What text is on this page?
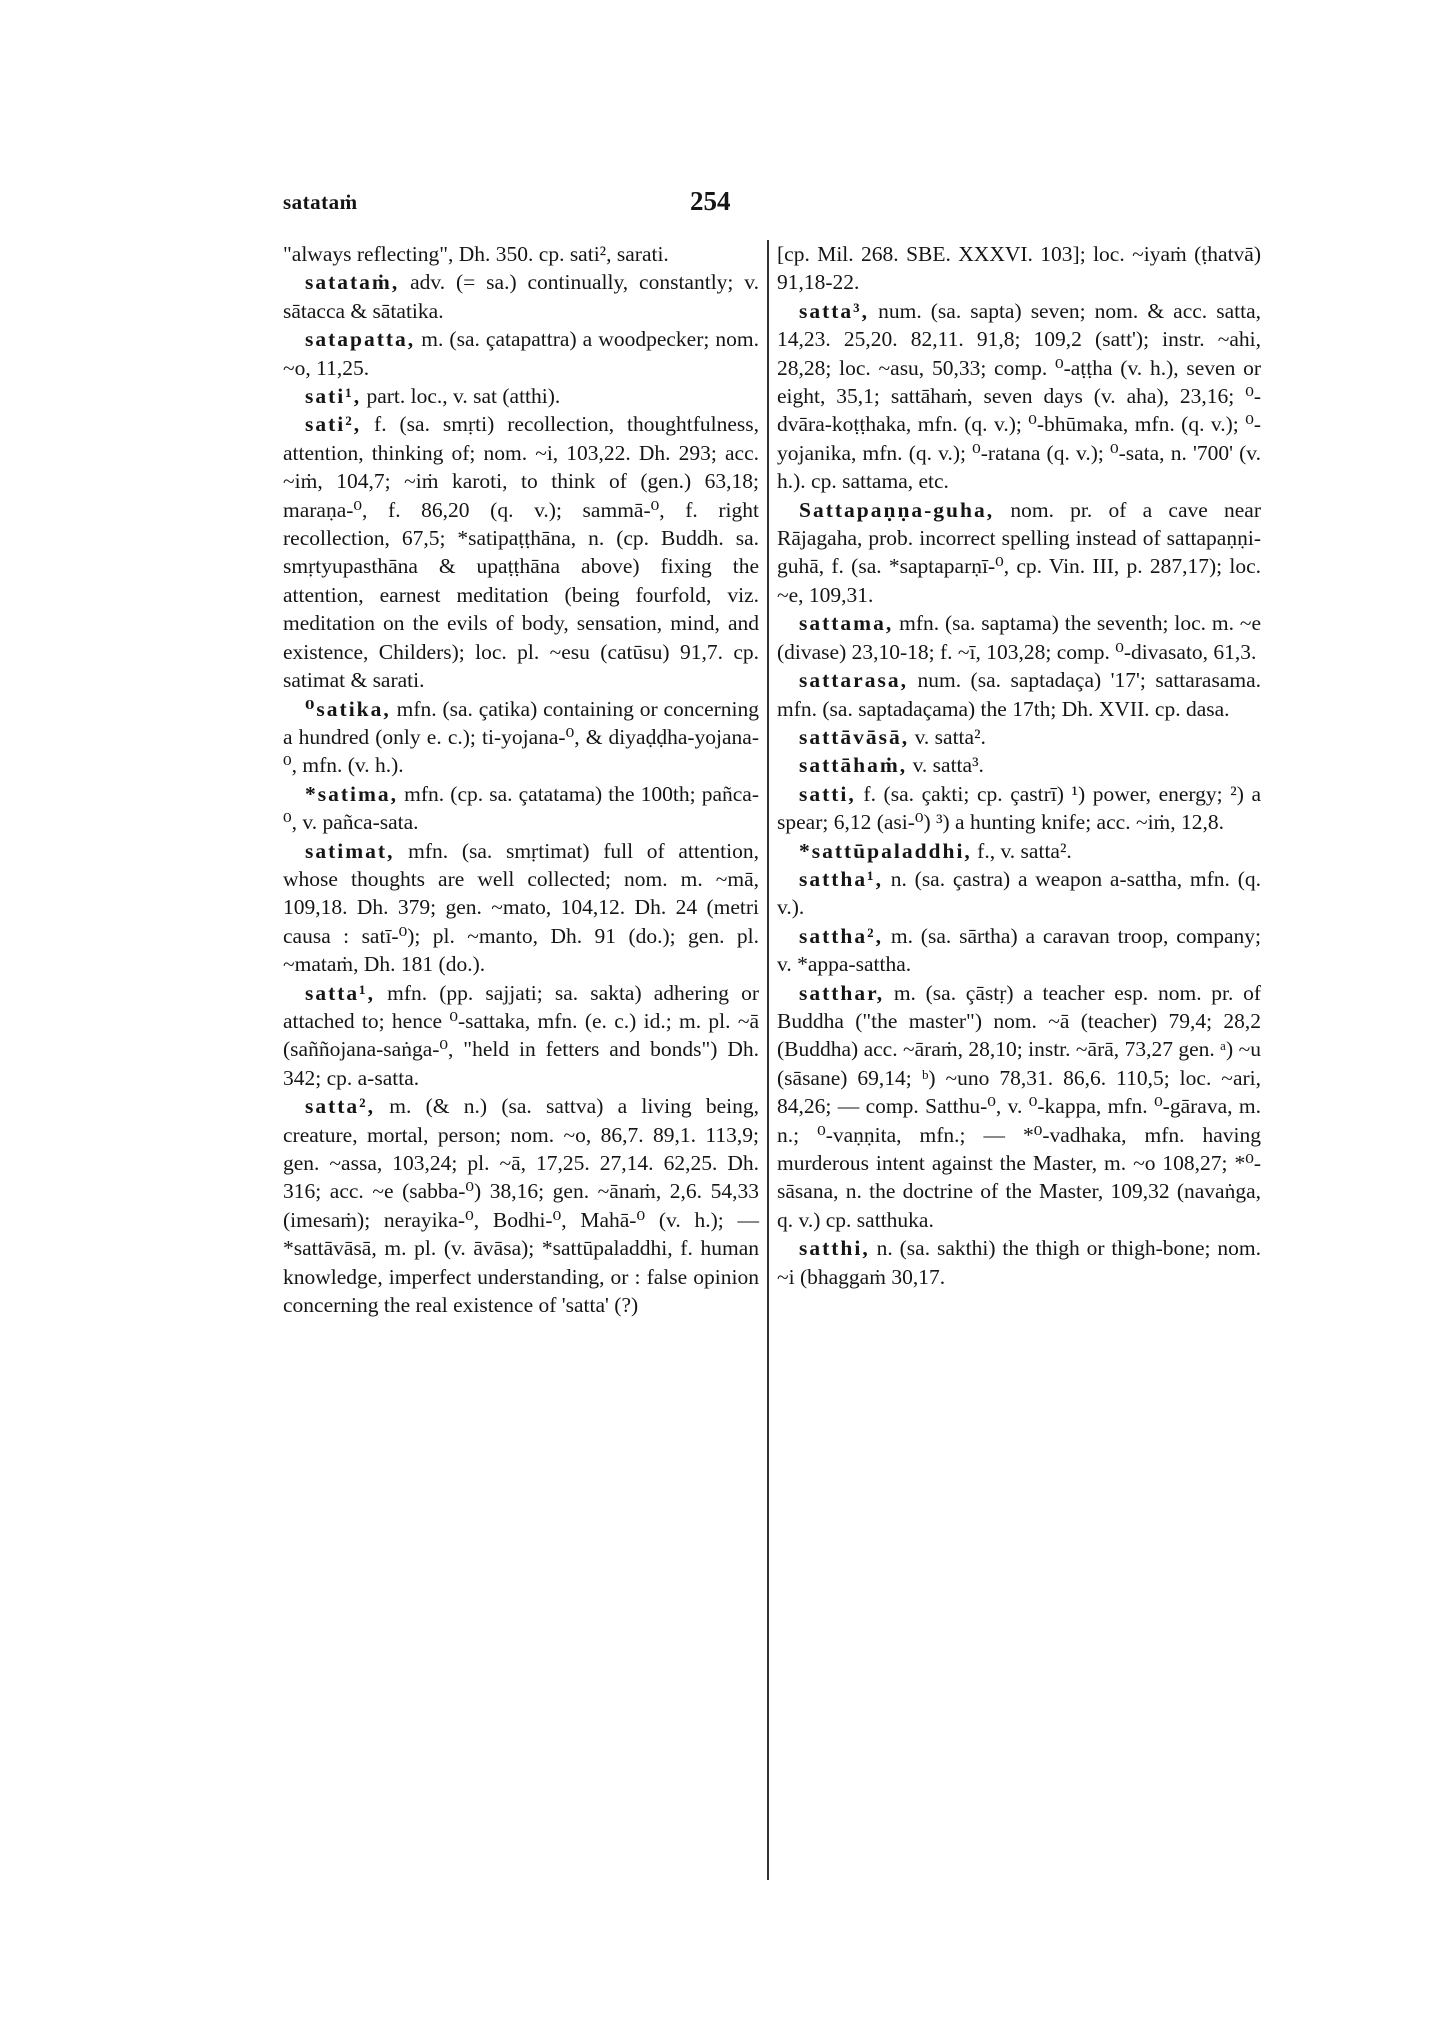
satataṁ	254

"always reflecting", Dh. 350. cp. sati², sarati.

satataṁ, adv. (= sa.) continually, constantly; v. sātacca & sātatika.

satapatta, m. (sa. çatapattra) a woodpecker; nom. ~o, 11,25.

sati¹, part. loc., v. sat (atthi).

sati², f. (sa. smṛti) recollection, thoughtfulness, attention, thinking of; nom. ~i, 103,22. Dh. 293; acc. ~iṁ, 104,7; ~iṁ karoti, to think of (gen.) 63,18; maraṇa-⁰, f. 86,20 (q. v.); sammā-⁰, f. right recollection, 67,5; *satipaṭṭhāna, n. (cp. Buddh. sa. smṛtyupasthāna & upaṭṭhāna above) fixing the attention, earnest meditation (being fourfold, viz. meditation on the evils of body, sensation, mind, and existence, Childers); loc. pl. ~esu (catūsu) 91,7. cp. satimat & sarati.

⁰satika, mfn. (sa. çatika) containing or concerning a hundred (only e. c.); ti-yojana-⁰, & diyaḍḍha-yojana-⁰, mfn. (v. h.).

*satima, mfn. (cp. sa. çatatama) the 100th; pañca-⁰, v. pañca-sata.

satimat, mfn. (sa. smṛtimat) full of attention, whose thoughts are well collected; nom. m. ~mā, 109,18. Dh. 379; gen. ~mato, 104,12. Dh. 24 (metri causa : satī-⁰); pl. ~manto, Dh. 91 (do.); gen. pl. ~mataṁ, Dh. 181 (do.).

satta¹, mfn. (pp. sajjati; sa. sakta) adhering or attached to; hence ⁰-sattaka, mfn. (e. c.) id.; m. pl. ~ā (saññojana-saṅga-⁰, "held in fetters and bonds") Dh. 342; cp. a-satta.

satta², m. (& n.) (sa. sattva) a living being, creature, mortal, person; nom. ~o, 86,7. 89,1. 113,9; gen. ~assa, 103,24; pl. ~ā, 17,25. 27,14. 62,25. Dh. 316; acc. ~e (sabba-⁰) 38,16; gen. ~ānaṁ, 2,6. 54,33 (imesaṁ); nerayika-⁰, Bodhi-⁰, Mahā-⁰ (v. h.); — *sattāvāsā, m. pl. (v. āvāsa); *sattūpaladdhi, f. human knowledge, imperfect understanding, or : false opinion concerning the real existence of 'satta' (?)

[cp. Mil. 268. SBE. XXXVI. 103]; loc. ~iyaṁ (ṭhatvā) 91,18-22.

satta³, num. (sa. sapta) seven; nom. & acc. satta, 14,23. 25,20. 82,11. 91,8; 109,2 (satt'); instr. ~ahi, 28,28; loc. ~asu, 50,33; comp. ⁰-aṭṭha (v. h.), seven or eight, 35,1; sattāhaṁ, seven days (v. aha), 23,16; ⁰-dvāra-koṭṭhaka, mfn. (q. v.); ⁰-bhūmaka, mfn. (q. v.); ⁰-yojanika, mfn. (q. v.); ⁰-ratana (q. v.); ⁰-sata, n. '700' (v. h.). cp. sattama, etc.

Sattapaṇṇa-guha, nom. pr. of a cave near Rājagaha, prob. incorrect spelling instead of sattapaṇṇi-guhā, f. (sa. *saptaparṇī-⁰, cp. Vin. III, p. 287,17); loc. ~e, 109,31.

sattama, mfn. (sa. saptama) the seventh; loc. m. ~e (divase) 23,10-18; f. ~ī, 103,28; comp. ⁰-divasato, 61,3.

sattarasa, num. (sa. saptadaça) '17'; sattarasama. mfn. (sa. saptadaçama) the 17th; Dh. XVII. cp. dasa.

sattāvāsā, v. satta².

sattāhaṁ, v. satta³.

satti, f. (sa. çakti; cp. çastrī) ¹) power, energy; ²) a spear; 6,12 (asi-⁰) ³) a hunting knife; acc. ~iṁ, 12,8.

*sattūpaladdhi, f., v. satta².

sattha¹, n. (sa. çastra) a weapon a-sattha, mfn. (q. v.).

sattha², m. (sa. sārtha) a caravan troop, company; v. *appa-sattha.

satthar, m. (sa. çāstṛ) a teacher esp. nom. pr. of Buddha ("the master") nom. ~ā (teacher) 79,4; 28,2 (Buddha) acc. ~āraṁ, 28,10; instr. ~ārā, 73,27 gen. ᵃ) ~u (sāsane) 69,14; ᵇ) ~uno 78,31. 86,6. 110,5; loc. ~ari, 84,26; — comp. Satthu-⁰, v. ⁰-kappa, mfn. ⁰-gārava, m. n.; ⁰-vaṇṇita, mfn.; — *⁰-vadhaka, mfn. having murderous intent against the Master, m. ~o 108,27; *⁰-sāsana, n. the doctrine of the Master, 109,32 (navaṅga, q. v.) cp. satthuka.

satthi, n. (sa. sakthi) the thigh or thigh-bone; nom. ~i (bhaggaṁ 30,17.
